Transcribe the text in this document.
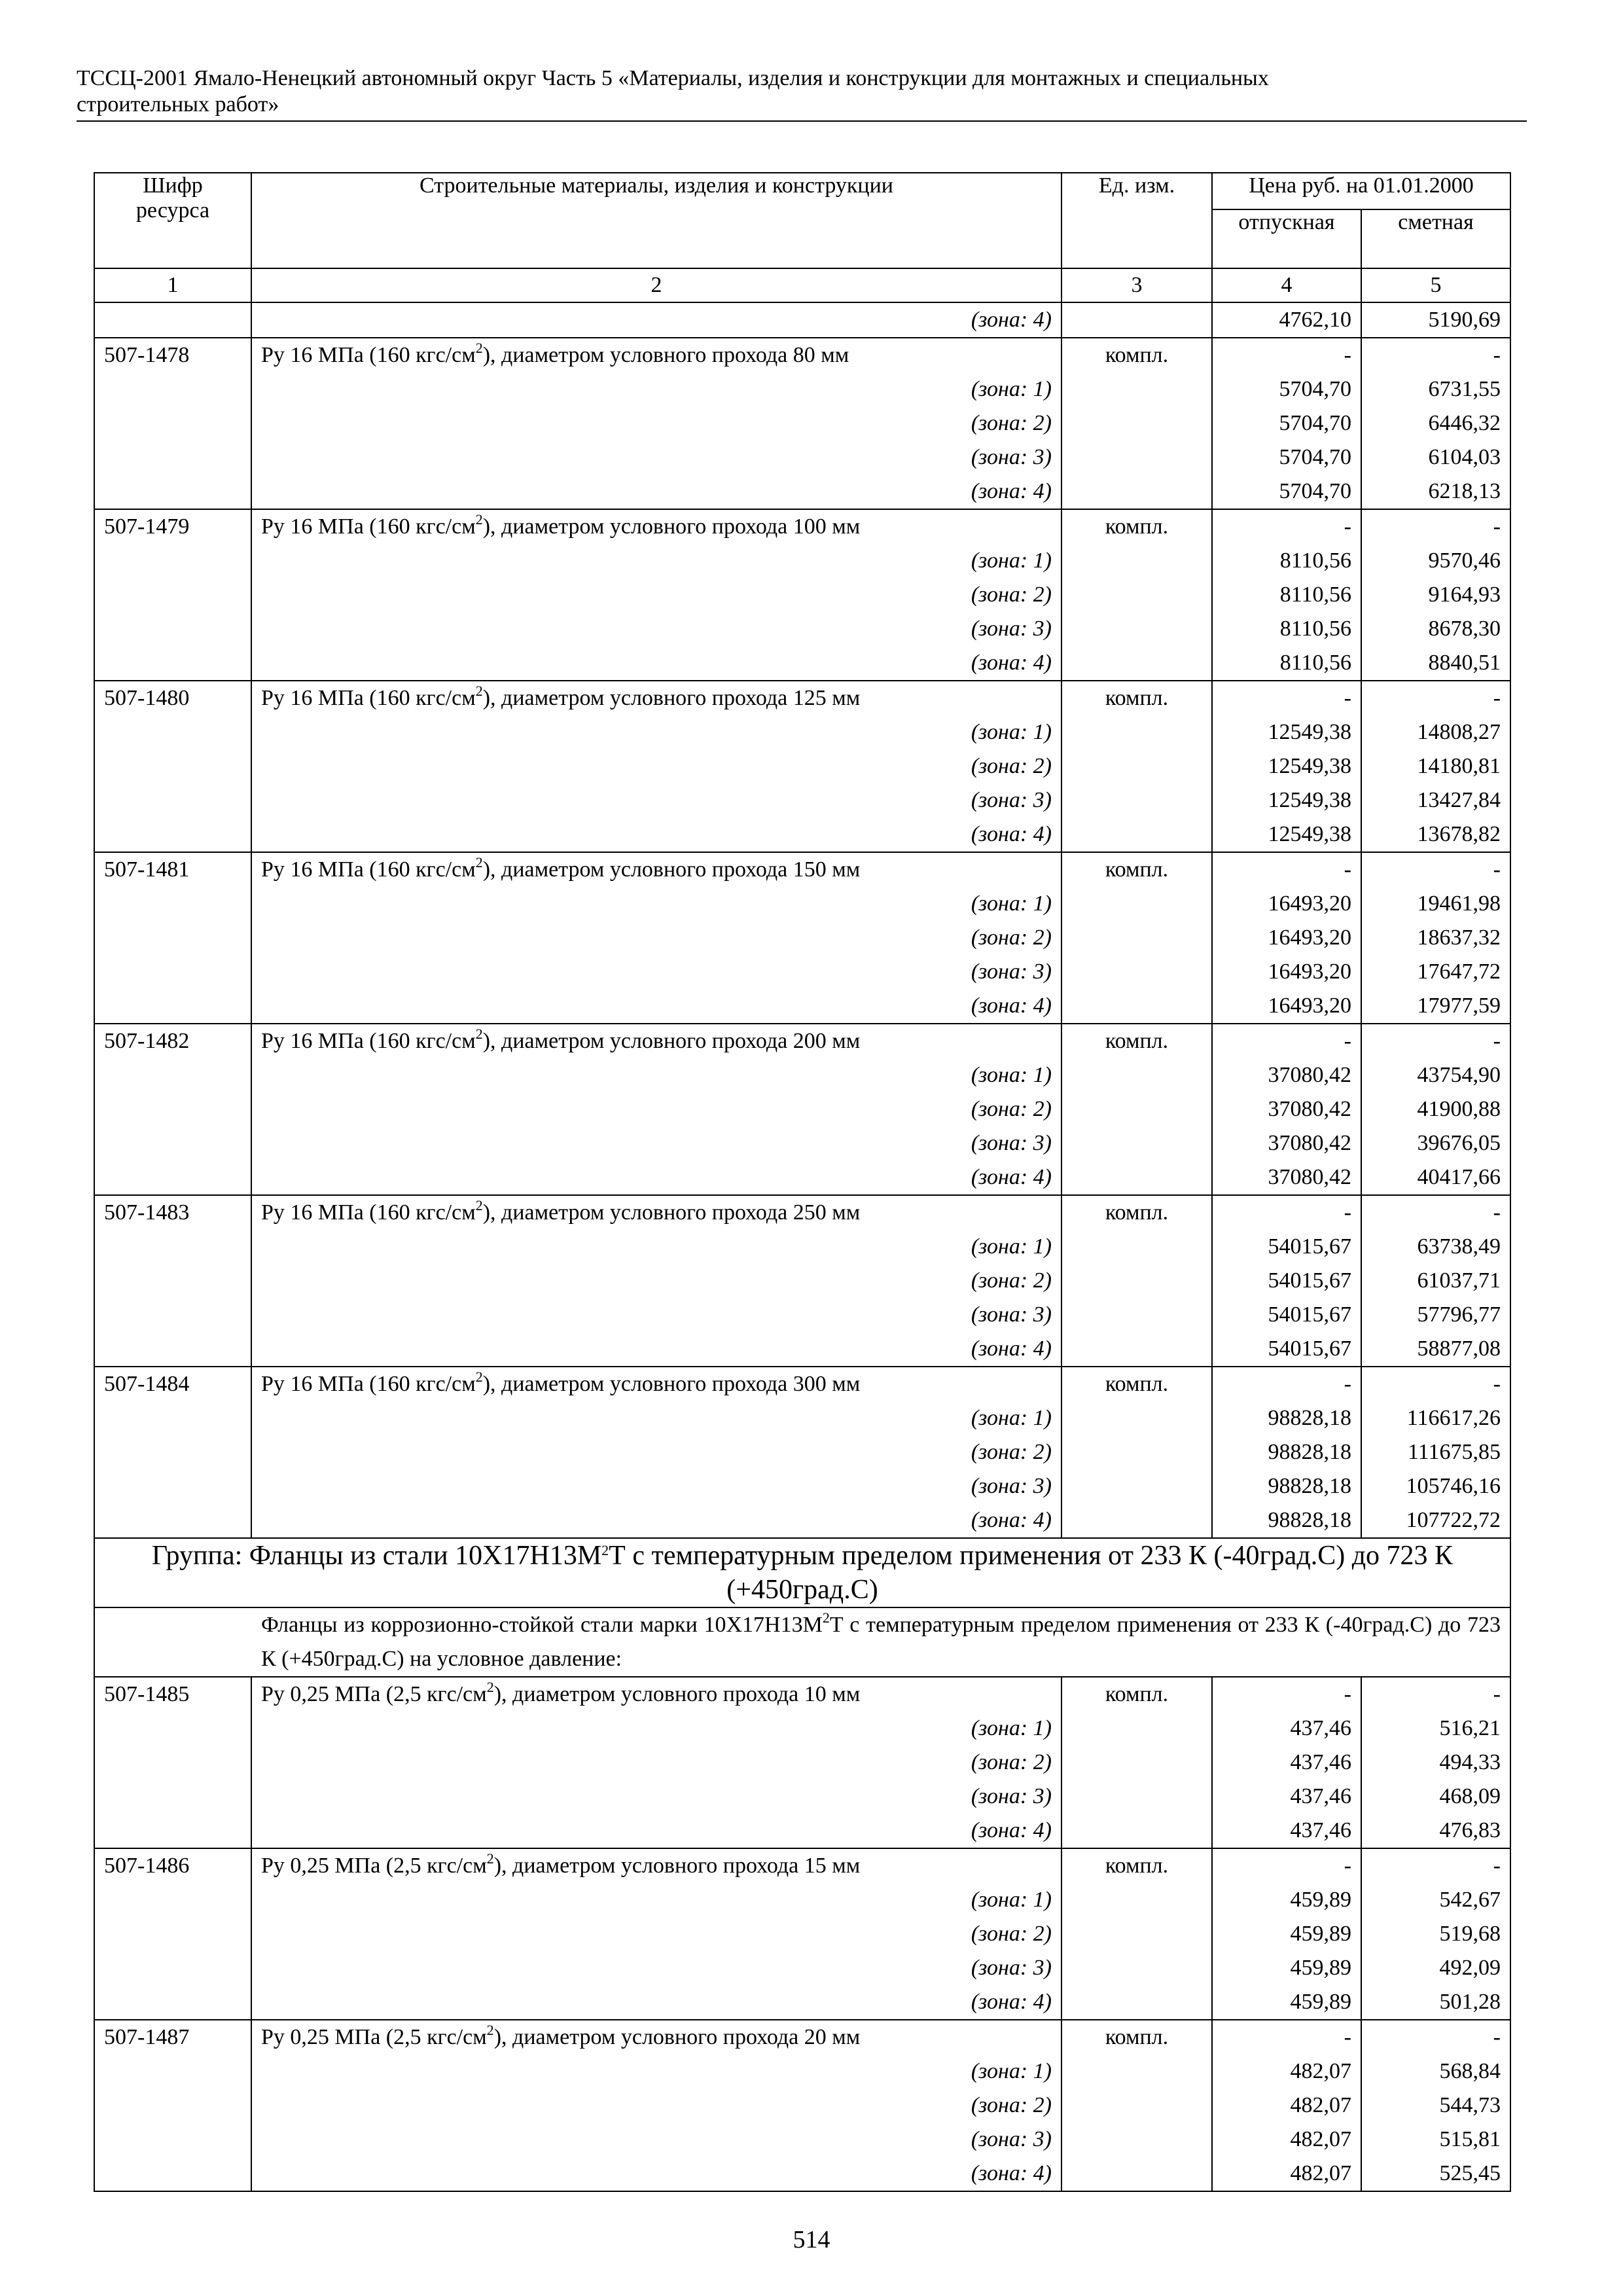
ТССЦ-2001 Ямало-Ненецкий автономный округ Часть 5 «Материалы, изделия и конструкции для монтажных и специальных
строительных работ»
Шифр ресурса	Строительные материалы, изделия и конструкции	Ед. изм.	Цена руб. на 01.01.2000	
			отпускная	сметная
1	2	3	4	5
	(зона: 4)		4762,10	5190,69
507-1478	Ру 16 МПа (160 кгс/$см^2$), диаметром условного прохода 80 мм	компл.	-	-
	(зона: 1)		5704,70	6731,55
	(зона: 2)		5704,70	6446,32
	(зона: 3)		5704,70	6104,03
	(зона: 4)		5704,70	6218,13
507-1479	Ру 16 МПа (160 кгс/$см^2$), диаметром условного прохода 100 мм	компл.	-	-
	(зона: 1)		8110,56	9570,46
	(зона: 2)		8110,56	9164,93
	(зона: 3)		8110,56	8678,30
	(зона: 4)		8110,56	8840,51
507-1480	Ру 16 МПа (160 кгс/$см^2$), диаметром условного прохода 125 мм	компл.	-	-
	(зона: 1)		12549,38	14808,27
	(зона: 2)		12549,38	14180,81
	(зона: 3)		12549,38	13427,84
	(зона: 4)		12549,38	13678,82
507-1481	Ру 16 МПа (160 кгс/$см^2$), диаметром условного прохода 150 мм	компл.	-	-
	(зона: 1)		16493,20	19461,98
	(зона: 2)		16493,20	18637,32
	(зона: 3)		16493,20	17647,72
	(зона: 4)		16493,20	17977,59
507-1482	Ру 16 МПа (160 кгс/$см^2$), диаметром условного прохода 200 мм	компл.	-	-
	(зона: 1)		37080,42	43754,90
	(зона: 2)		37080,42	41900,88
	(зона: 3)		37080,42	39676,05
	(зона: 4)		37080,42	40417,66
507-1483	Ру 16 МПа (160 кгс/$см^2$), диаметром условного прохода 250 мм	компл.	-	-
	(зона: 1)		54015,67	63738,49
	(зона: 2)		54015,67	61037,71
	(зона: 3)		54015,67	57796,77
	(зона: 4)		54015,67	58877,08
507-1484	Ру 16 МПа (160 кгс/$см^2$), диаметром условного прохода 300 мм	компл.	-	-
	(зона: 1)		98828,18	116617,26
	(зона: 2)		98828,18	111675,85
	(зона: 3)		98828,18	105746,16
	(зона: 4)		98828,18	107722,72
Группа: Фланцы из стали $10Х17Н13М^2Т$ с температурным пределом применения от 233 К (-40град.С) до 723 К (+450град.С)				
Фланцы из коррозионно-стойкой стали марки $10Х17Н13М^2Т$ с температурным пределом применения от 233 К (-40град.С) до 723 К (+450град.С) на условное давление:				
507-1485	Ру 0,25 МПа (2,5 кгс/$см^2$), диаметром условного прохода 10 мм	компл.	-	-
	(зона: 1)		437,46	516,21
	(зона: 2)		437,46	494,33
	(зона: 3)		437,46	468,09
	(зона: 4)		437,46	476,83
507-1486	Ру 0,25 МПа (2,5 кгс/$см^2$), диаметром условного прохода 15 мм	компл.	-	-
	(зона: 1)		459,89	542,67
	(зона: 2)		459,89	519,68
	(зона: 3)		459,89	492,09
	(зона: 4)		459,89	501,28
507-1487	Ру 0,25 МПа (2,5 кгс/$см^2$), диаметром условного прохода 20 мм	компл.	-	-
	(зона: 1)		482,07	568,84
	(зона: 2)		482,07	544,73
	(зона: 3)		482,07	515,81
	(зона: 4)		482,07	525,45
514
